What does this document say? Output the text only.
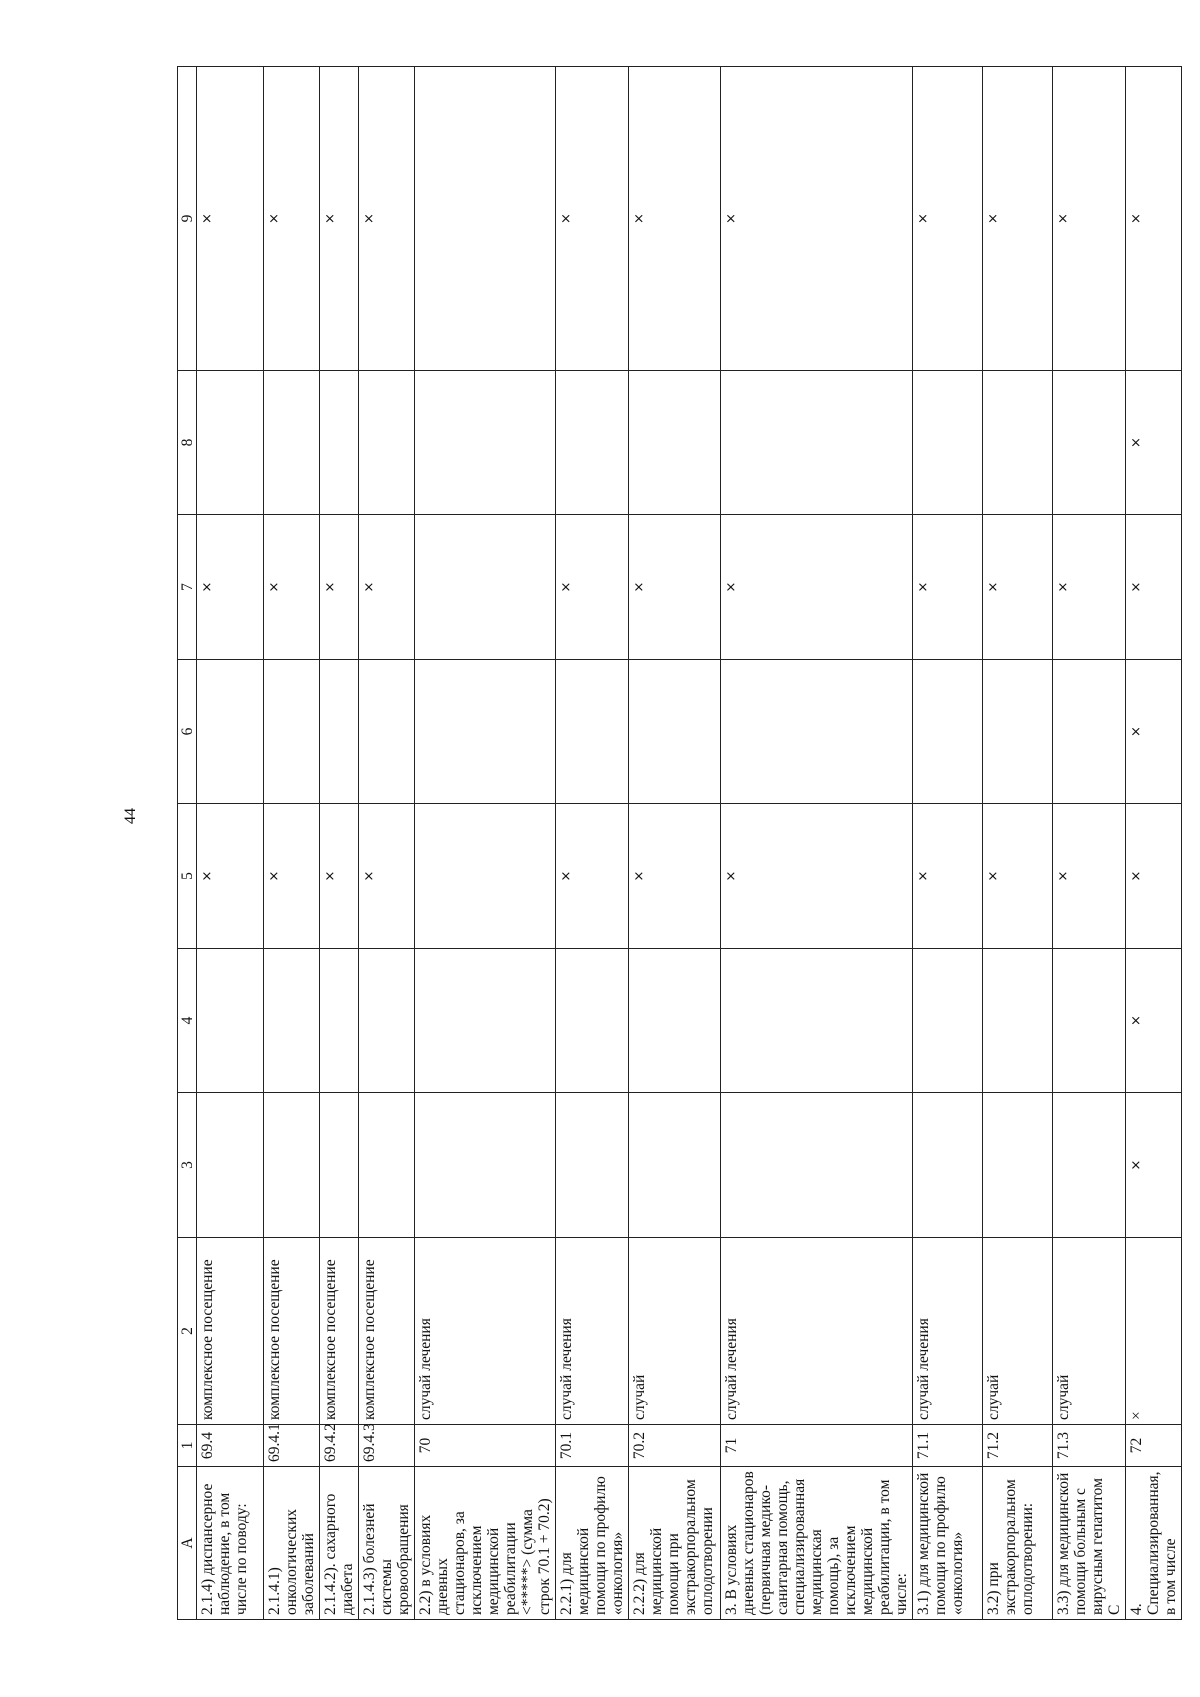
44
А	1	2	3	4	5	6	7	8	9
2.1.4) диспансерное наблюдение, в том числе по поводу:	69.4	комплексное посещение			×		×		×
2.1.4.1) онкологических заболеваний	69.4.1	комплексное посещение			×		×		×
2.1.4.2). сахарного диабета	69.4.2	комплексное посещение			×		×		×
2.1.4.3) болезней системы кровообращения	69.4.3	комплексное посещение			×		×		×
2.2) в условиях дневных стационаров, за исключением медицинской реабилитации <*****> (сумма строк 70.1 + 70.2)	70	случай лечения							
2.2.1) для медицинской помощи по профилю «онкология»	70.1	случай лечения			×		×		×
2.2.2) для медицинской помощи при экстракорпоральном оплодотворении	70.2	случай			×		×		×
3. В условиях дневных стационаров (первичная медико-санитарная помощь, специализированная медицинская помощь), за исключением медицинской реабилитации, в том числе:	71	случай лечения			×		×		×
3.1) для медицинской помощи по профилю «онкология»	71.1	случай лечения			×		×		×
3.2) при экстракорпоральном оплодотворении:	71.2	случай			×		×		×
3.3) для медицинской помощи больным с вирусным гепатитом С	71.3	случай			×		×		×
4. Специализированная, в том числе	72	×	×	×	×	×	×	×	×
